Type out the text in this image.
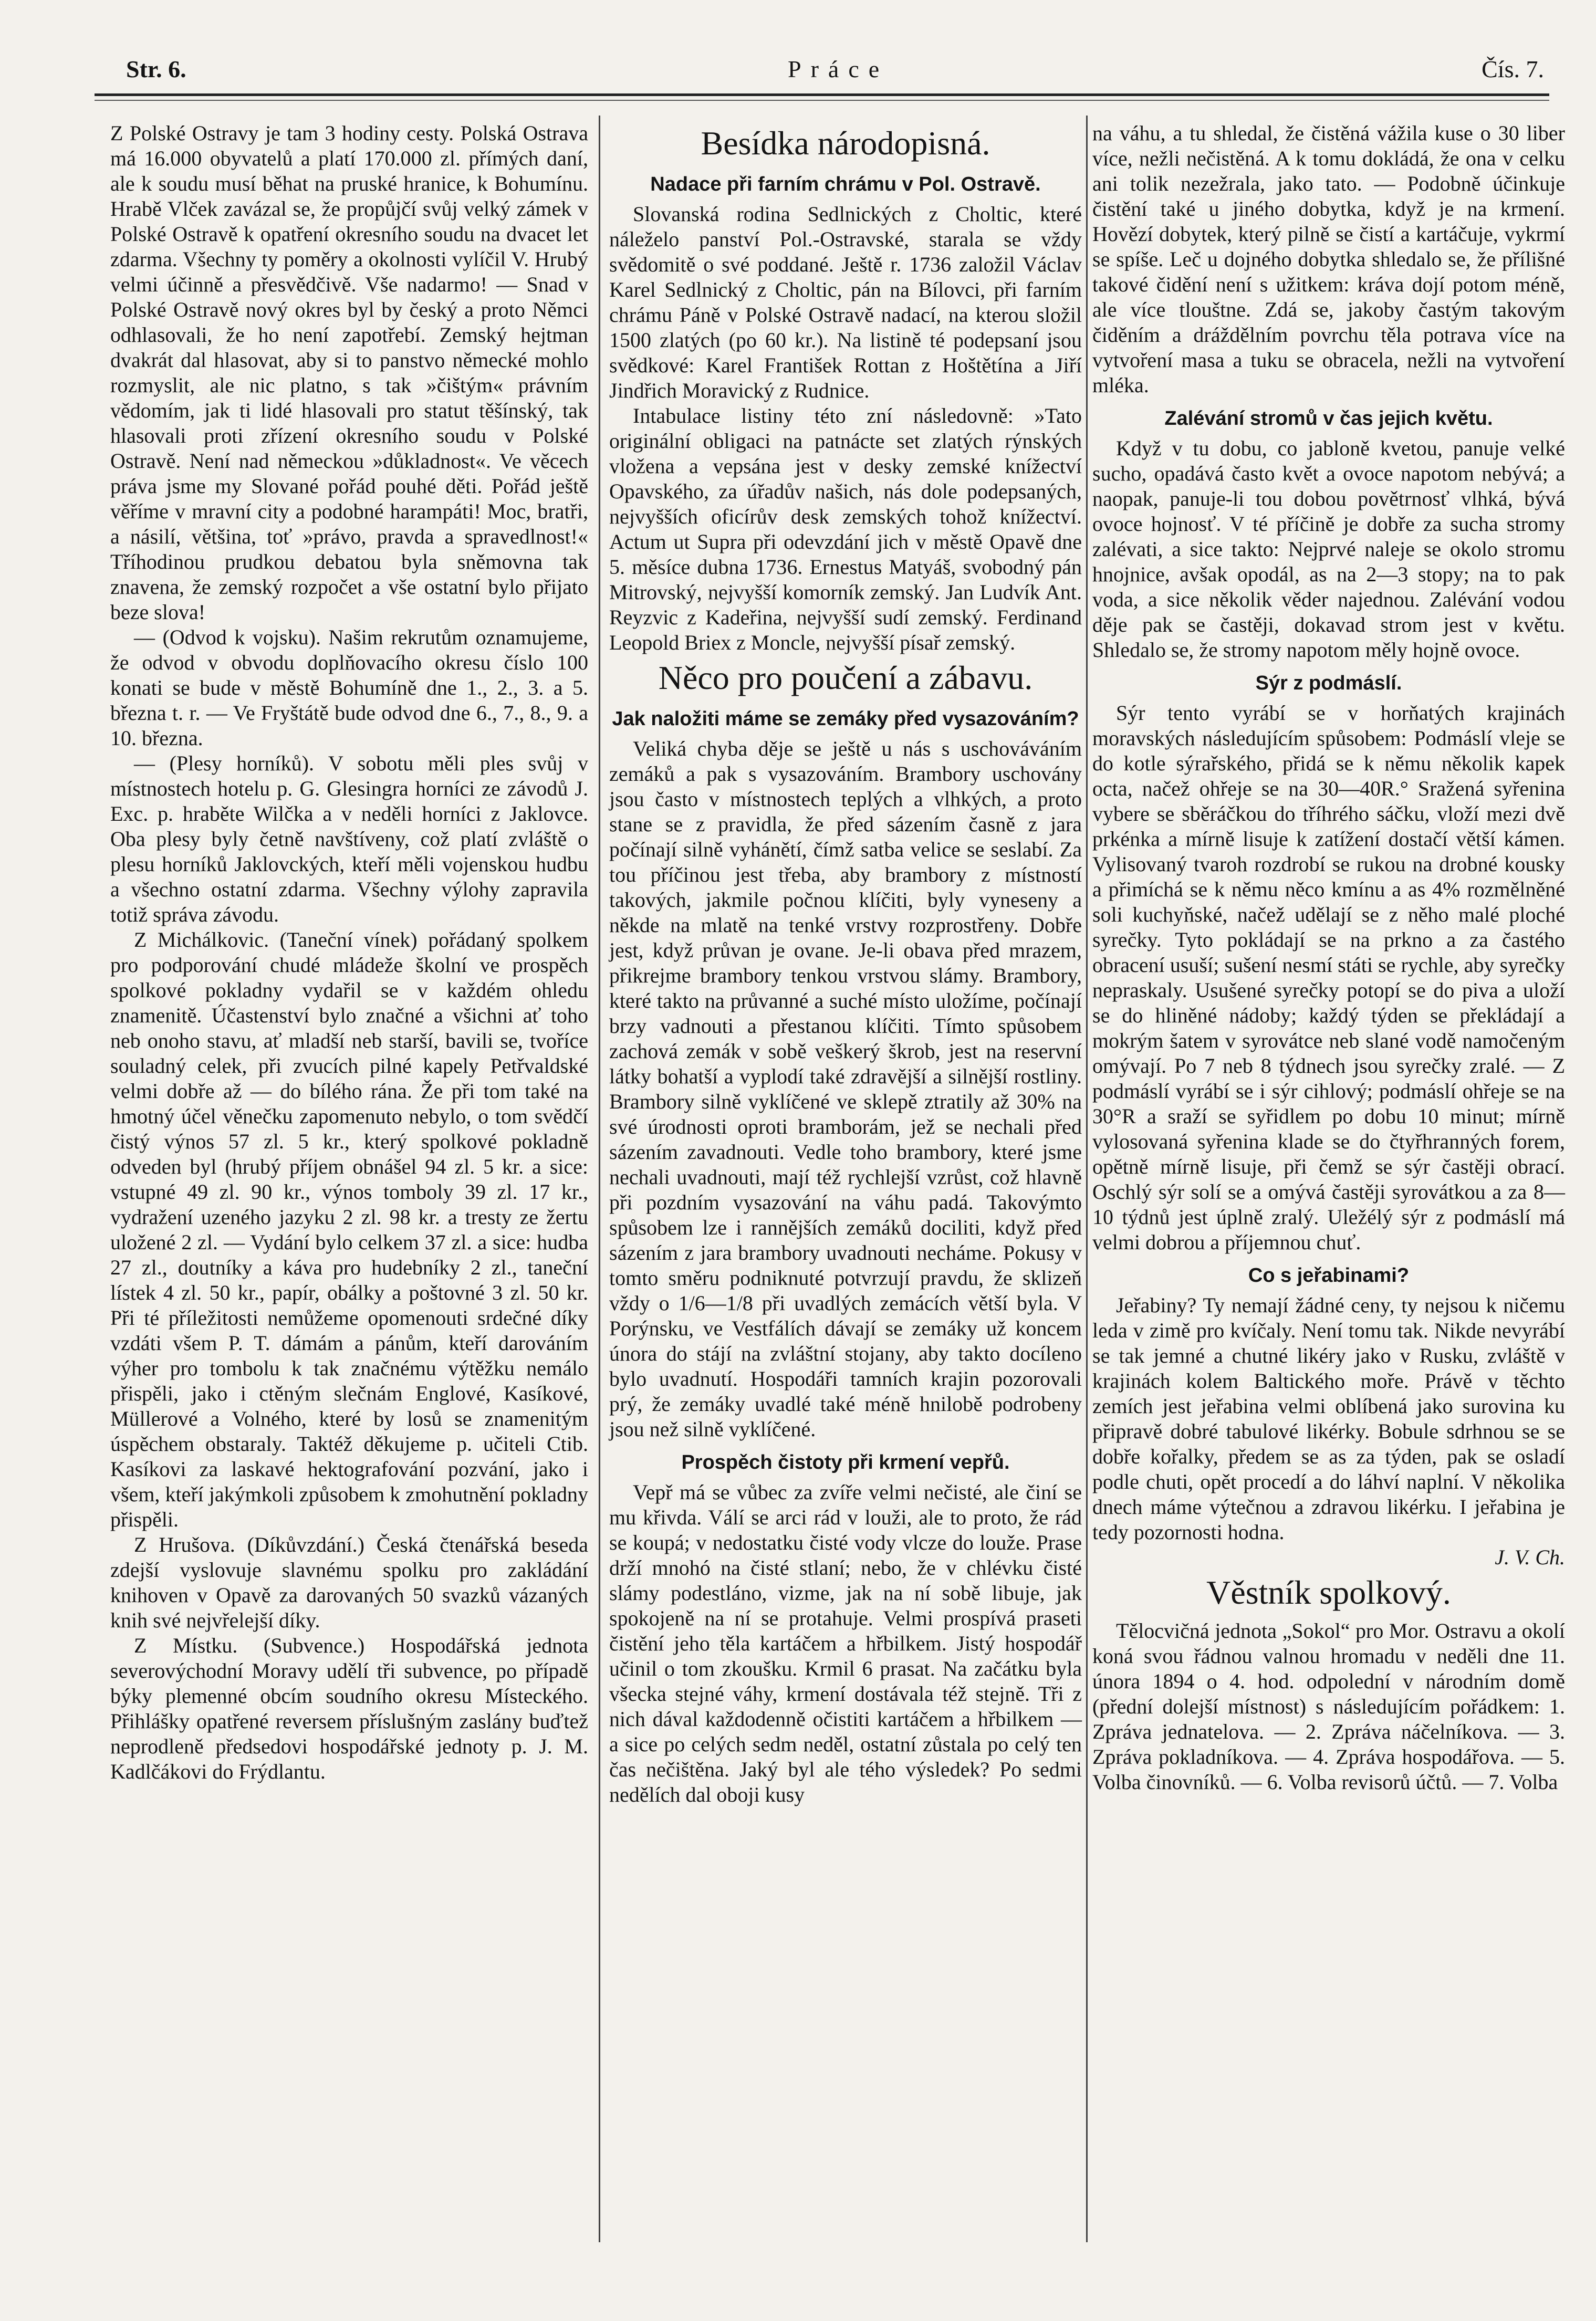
Str. 6.	Práce	Čís. 7.

Z Polské Ostravy je tam 3 hodiny cesty. Polská Ostrava má 16.000 obyvatelů a platí 170.000 zl. přímých daní, ale k soudu musí běhat na pruské hranice, k Bohumínu. Hrabě Vlček zavázal se, že propůjčí svůj velký zámek v Polské Ostravě k opatření okresního soudu na dvacet let zdarma. Všechny ty poměry a okolnosti vylíčil V. Hrubý velmi účinně a přesvědčivě. Vše nadarmo! — Snad v Polské Ostravě nový okres byl by český a proto Němci odhlasovali, že ho není zapotřebí. Zemský hejtman dvakrát dal hlasovat, aby si to panstvo německé mohlo rozmyslit, ale nic platno, s tak »čištým« právním vědomím, jak ti lidé hlasovali pro statut těšínský, tak hlasovali proti zřízení okresního soudu v Polské Ostravě. Není nad německou »důkladnost«. Ve věcech práva jsme my Slované pořád pouhé děti. Pořád ještě věříme v mravní city a podobné harampáti! Moc, bratři, a násilí, většina, toť »právo, pravda a spravedlnost!« Tříhodinou prudkou debatou byla sněmovna tak znavena, že zemský rozpočet a vše ostatní bylo přijato beze slova!

— (Odvod k vojsku). Našim rekrutům oznamujeme, že odvod v obvodu doplňovacího okresu číslo 100 konati se bude v městě Bohumíně dne 1., 2., 3. a 5. března t. r. — Ve Fryštátě bude odvod dne 6., 7., 8., 9. a 10. března.

— (Plesy horníků). V sobotu měli ples svůj v místnostech hotelu p. G. Glesingra horníci ze závodů J. Exc. p. hraběte Wilčka a v neděli horníci z Jaklovce. Oba plesy byly četně navštíveny, což platí zvláště o plesu horníků Jaklovckých, kteří měli vojenskou hudbu a všechno ostatní zdarma. Všechny výlohy zapravila totiž správa závodu.

Z Michálkovic. (Taneční vínek) pořádaný spolkem pro podporování chudé mládeže školní ve prospěch spolkové pokladny vydařil se v každém ohledu znamenitě. Účastenství bylo značné a všichni ať toho neb onoho stavu, ať mladší neb starší, bavili se, tvoříce souladný celek, při zvucích pilné kapely Petřvaldské velmi dobře až — do bílého rána. Že při tom také na hmotný účel věnečku zapomenuto nebylo, o tom svědčí čistý výnos 57 zl. 5 kr., který spolkové pokladně odveden byl (hrubý příjem obnášel 94 zl. 5 kr. a sice: vstupné 49 zl. 90 kr., výnos tomboly 39 zl. 17 kr., vydražení uzeného jazyku 2 zl. 98 kr. a tresty ze žertu uložené 2 zl. — Vydání bylo celkem 37 zl. a sice: hudba 27 zl., doutníky a káva pro hudebníky 2 zl., taneční lístek 4 zl. 50 kr., papír, obálky a poštovné 3 zl. 50 kr. Při té příležitosti nemůžeme opomenouti srdečné díky vzdáti všem P. T. dámám a pánům, kteří darováním výher pro tombolu k tak značnému výtěžku nemálo přispěli, jako i ctěným slečnám Englové, Kasíkové, Müllerové a Volného, které by losů se znamenitým úspěchem obstaraly. Taktéž děkujeme p. učiteli Ctib. Kasíkovi za laskavé hektografování pozvání, jako i všem, kteří jakýmkoli způsobem k zmohutnění pokladny přispěli.

Z Hrušova. (Díkůvzdání.) Česká čtenářská beseda zdejší vyslovuje slavnému spolku pro zakládání knihoven v Opavě za darovaných 50 svazků vázaných knih své nejvřelejší díky.

Z Místku. (Subvence.) Hospodářská jednota severovýchodní Moravy udělí tři subvence, po případě býky plemenné obcím soudního okresu Místeckého. Přihlášky opatřené reversem příslušným zaslány buďtež neprodleně předsedovi hospodářské jednoty p. J. M. Kadlčákovi do Frýdlantu.

Besídka národopisná.
Nadace při farním chrámu v Pol. Ostravě.

Slovanská rodina Sedlnických z Choltic, které náleželo panství Pol.-Ostravské, starala se vždy svědomitě o své poddané. Ještě r. 1736 založil Václav Karel Sedlnický z Choltic, pán na Bílovci, při farním chrámu Páně v Polské Ostravě nadací, na kterou složil 1500 zlatých (po 60 kr.). Na listině té podepsaní jsou svědkové: Karel František Rottan z Hoštětína a Jiří Jindřich Moravický z Rudnice.

Intabulace listiny této zní následovně: »Tato originální obligaci na patnácte set zlatých rýnských vložena a vepsána jest v desky zemské knížectví Opavského, za úřadův našich, nás dole podepsaných, nejvyšších oficírův desk zemských tohož knížectví. Actum ut Supra při odevzdání jich v městě Opavě dne 5. měsíce dubna 1736. Ernestus Matyáš, svobodný pán Mitrovský, nejvyšší komorník zemský. Jan Ludvík Ant. Reyzvic z Kadeřina, nejvyšší sudí zemský. Ferdinand Leopold Briex z Moncle, nejvyšší písař zemský.

Něco pro poučení a zábavu.
Jak naložiti máme se zemáky před vysazováním?

Veliká chyba děje se ještě u nás s uschováváním zemáků a pak s vysazováním. Brambory uschovány jsou často v místnostech teplých a vlhkých, a proto stane se z pravidla, že před sázením časně z jara počínají silně vyhánětí, čímž satba velice se seslabí. Za tou příčinou jest třeba, aby brambory z místností takových, jakmile počnou klíčiti, byly vyneseny a někde na mlatě na tenké vrstvy rozprostřeny. Dobře jest, když průvan je ovane. Je-li obava před mrazem, přikrejme brambory tenkou vrstvou slámy. Brambory, které takto na průvanné a suché místo uložíme, počínají brzy vadnouti a přestanou klíčiti. Tímto spůsobem zachová zemák v sobě veškerý škrob, jest na reservní látky bohatší a vyplodí také zdravější a silnější rostliny. Brambory silně vyklíčené ve sklepě ztratily až 30% na své úrodnosti oproti bramborám, jež se nechali před sázením zavadnouti. Vedle toho brambory, které jsme nechali uvadnouti, mají též rychlejší vzrůst, což hlavně při pozdním vysazování na váhu padá. Takovýmto spůsobem lze i rannějších zemáků dociliti, když před sázením z jara brambory uvadnouti necháme. Pokusy v tomto směru podniknuté potvrzují pravdu, že sklizeň vždy o 1/6—1/8 při uvadlých zemácích větší byla. V Porýnsku, ve Vestfálích dávají se zemáky už koncem února do stájí na zvláštní stojany, aby takto docíleno bylo uvadnutí. Hospodáři tamních krajin pozorovali prý, že zemáky uvadlé také méně hnilobě podrobeny jsou než silně vyklíčené.

Prospěch čistoty při krmení vepřů.

Vepř má se vůbec za zvíře velmi nečisté, ale činí se mu křivda. Válí se arci rád v louži, ale to proto, že rád se koupá; v nedostatku čisté vody vlcze do louže. Prase drží mnohó na čisté stlaní; nebo, že v chlévku čisté slámy podestláno, vizme, jak na ní sobě libuje, jak spokojeně na ní se protahuje. Velmi prospívá praseti čistění jeho těla kartáčem a hřbilkem. Jistý hospodář učinil o tom zkoušku. Krmil 6 prasat. Na začátku byla všecka stejné váhy, krmení dostávala též stejně. Tři z nich dával každodenně očistiti kartáčem a hřbilkem — a sice po celých sedm neděl, ostatní zůstala po celý ten čas nečištěna. Jaký byl ale tého výsledek? Po sedmi nedělích dal oboji kusy

na váhu, a tu shledal, že čistěná vážila kuse o 30 liber více, nežli nečistěná. A k tomu dokládá, že ona v celku ani tolik nezežrala, jako tato. — Podobně účinkuje čistění také u jiného dobytka, když je na krmení. Hovězí dobytek, který pilně se čistí a kartáčuje, vykrmí se spíše. Leč u dojného dobytka shledalo se, že přílišné takové čidění není s užitkem: kráva dojí potom méně, ale více tlouštne. Zdá se, jakoby častým takovým čiděním a dráždělním povrchu těla potrava více na vytvoření masa a tuku se obracela, nežli na vytvoření mléka.

Zalévání stromů v čas jejich květu.

Když v tu dobu, co jabloně kvetou, panuje velké sucho, opadává často květ a ovoce napotom nebývá; a naopak, panuje-li tou dobou povětrnosť vlhká, bývá ovoce hojnosť. V té příčině je dobře za sucha stromy zalévati, a sice takto: Nejprvé naleje se okolo stromu hnojnice, avšak opodál, as na 2—3 stopy; na to pak voda, a sice několik věder najednou. Zalévání vodou děje pak se častěji, dokavad strom jest v květu. Shledalo se, že stromy napotom měly hojně ovoce.

Sýr z podmáslí.

Sýr tento vyrábí se v horňatých krajinách moravských následujícím spůsobem: Podmáslí vleje se do kotle sýrařského, přidá se k němu několik kapek octa, načež ohřeje se na 30—40R.° Sražená syřenina vybere se sběráčkou do tříhrého sáčku, vloží mezi dvě prkénka a mírně lisuje k zatížení dostačí větší kámen. Vylisovaný tvaroh rozdrobí se rukou na drobné kousky a přimíchá se k němu něco kmínu a as 4% rozmělněné soli kuchyňské, načež udělají se z něho malé ploché syrečky. Tyto pokládají se na prkno a za častého obracení usuší; sušení nesmí státi se rychle, aby syrečky nepraskaly. Usušené syrečky potopí se do piva a uloží se do hliněné nádoby; každý týden se překládají a mokrým šatem v syrovátce neb slané vodě namočeným omývají. Po 7 neb 8 týdnech jsou syrečky zralé. — Z podmáslí vyrábí se i sýr cihlový; podmáslí ohřeje se na 30°R a sraží se syřidlem po dobu 10 minut; mírně vylosovaná syřenina klade se do čtyřhranných forem, opětně mírně lisuje, při čemž se sýr častěji obrací. Oschlý sýr solí se a omývá častěji syrovátkou a za 8—10 týdnů jest úplně zralý. Uležélý sýr z podmáslí má velmi dobrou a příjemnou chuť.

Co s jeřabinami?

Jeřabiny? Ty nemají žádné ceny, ty nejsou k ničemu leda v zimě pro kvíčaly. Není tomu tak. Nikde nevyrábí se tak jemné a chutné likéry jako v Rusku, zvláště v krajinách kolem Baltického moře. Právě v těchto zemích jest jeřabina velmi oblíbená jako surovina ku připravě dobré tabulové likérky. Bobule sdrhnou se se dobře kořalky, předem se as za týden, pak se osladí podle chuti, opět procedí a do láhví naplní. V několika dnech máme výtečnou a zdravou likérku. I jeřabina je tedy pozornosti hodna.

J. V. Ch.

Věstník spolkový.

Tělocvičná jednota „Sokol“ pro Mor. Ostravu a okolí koná svou řádnou valnou hromadu v neděli dne 11. února 1894 o 4. hod. odpolední v národním domě (přední dolejší místnost) s následujícím pořádkem: 1. Zpráva jednatelova. — 2. Zpráva náčelníkova. — 3. Zpráva pokladníkova. — 4. Zpráva hospodářova. — 5. Volba činovníků. — 6. Volba revisorů účtů. — 7. Volba
